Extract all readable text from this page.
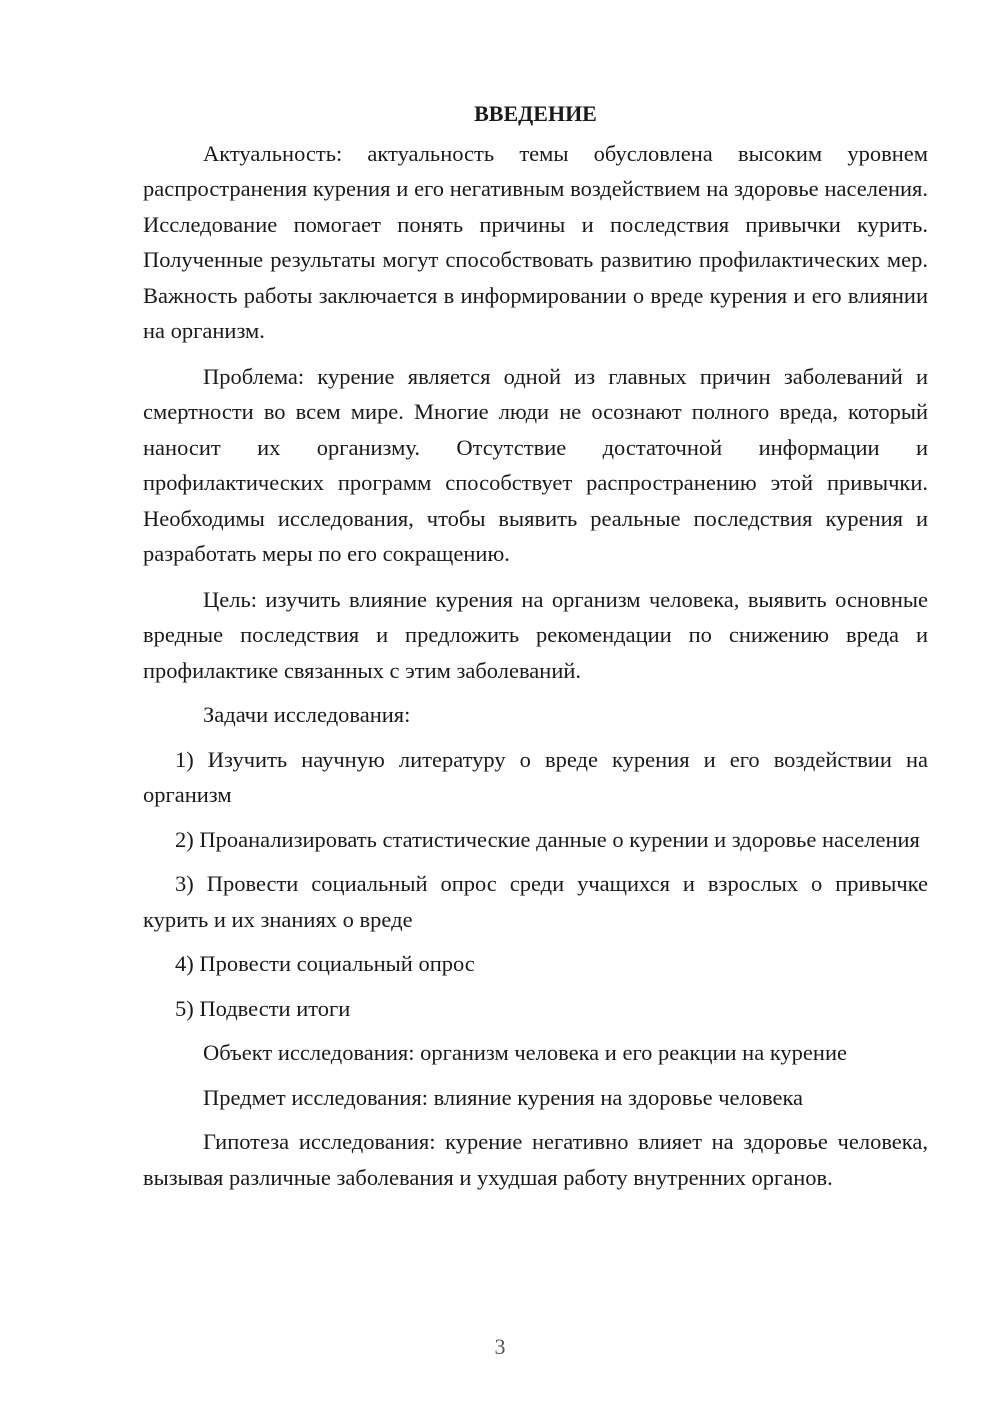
ВВЕДЕНИЕ

Актуальность: актуальность темы обусловлена высоким уровнем распространения курения и его негативным воздействием на здоровье населения. Исследование помогает понять причины и последствия привычки курить. Полученные результаты могут способствовать развитию профилактических мер. Важность работы заключается в информировании о вреде курения и его влиянии на организм.

Проблема: курение является одной из главных причин заболеваний и смертности во всем мире. Многие люди не осознают полного вреда, который наносит их организму. Отсутствие достаточной информации и профилактических программ способствует распространению этой привычки. Необходимы исследования, чтобы выявить реальные последствия курения и разработать меры по его сокращению.

Цель: изучить влияние курения на организм человека, выявить основные вредные последствия и предложить рекомендации по снижению вреда и профилактике связанных с этим заболеваний.

Задачи исследования:

1) Изучить научную литературу о вреде курения и его воздействии на организм

2) Проанализировать статистические данные о курении и здоровье населения

3) Провести социальный опрос среди учащихся и взрослых о привычке курить и их знаниях о вреде

4) Провести социальный опрос

5) Подвести итоги

Объект исследования: организм человека и его реакции на курение

Предмет исследования: влияние курения на здоровье человека

Гипотеза исследования: курение негативно влияет на здоровье человека, вызывая различные заболевания и ухудшая работу внутренних органов.

3
